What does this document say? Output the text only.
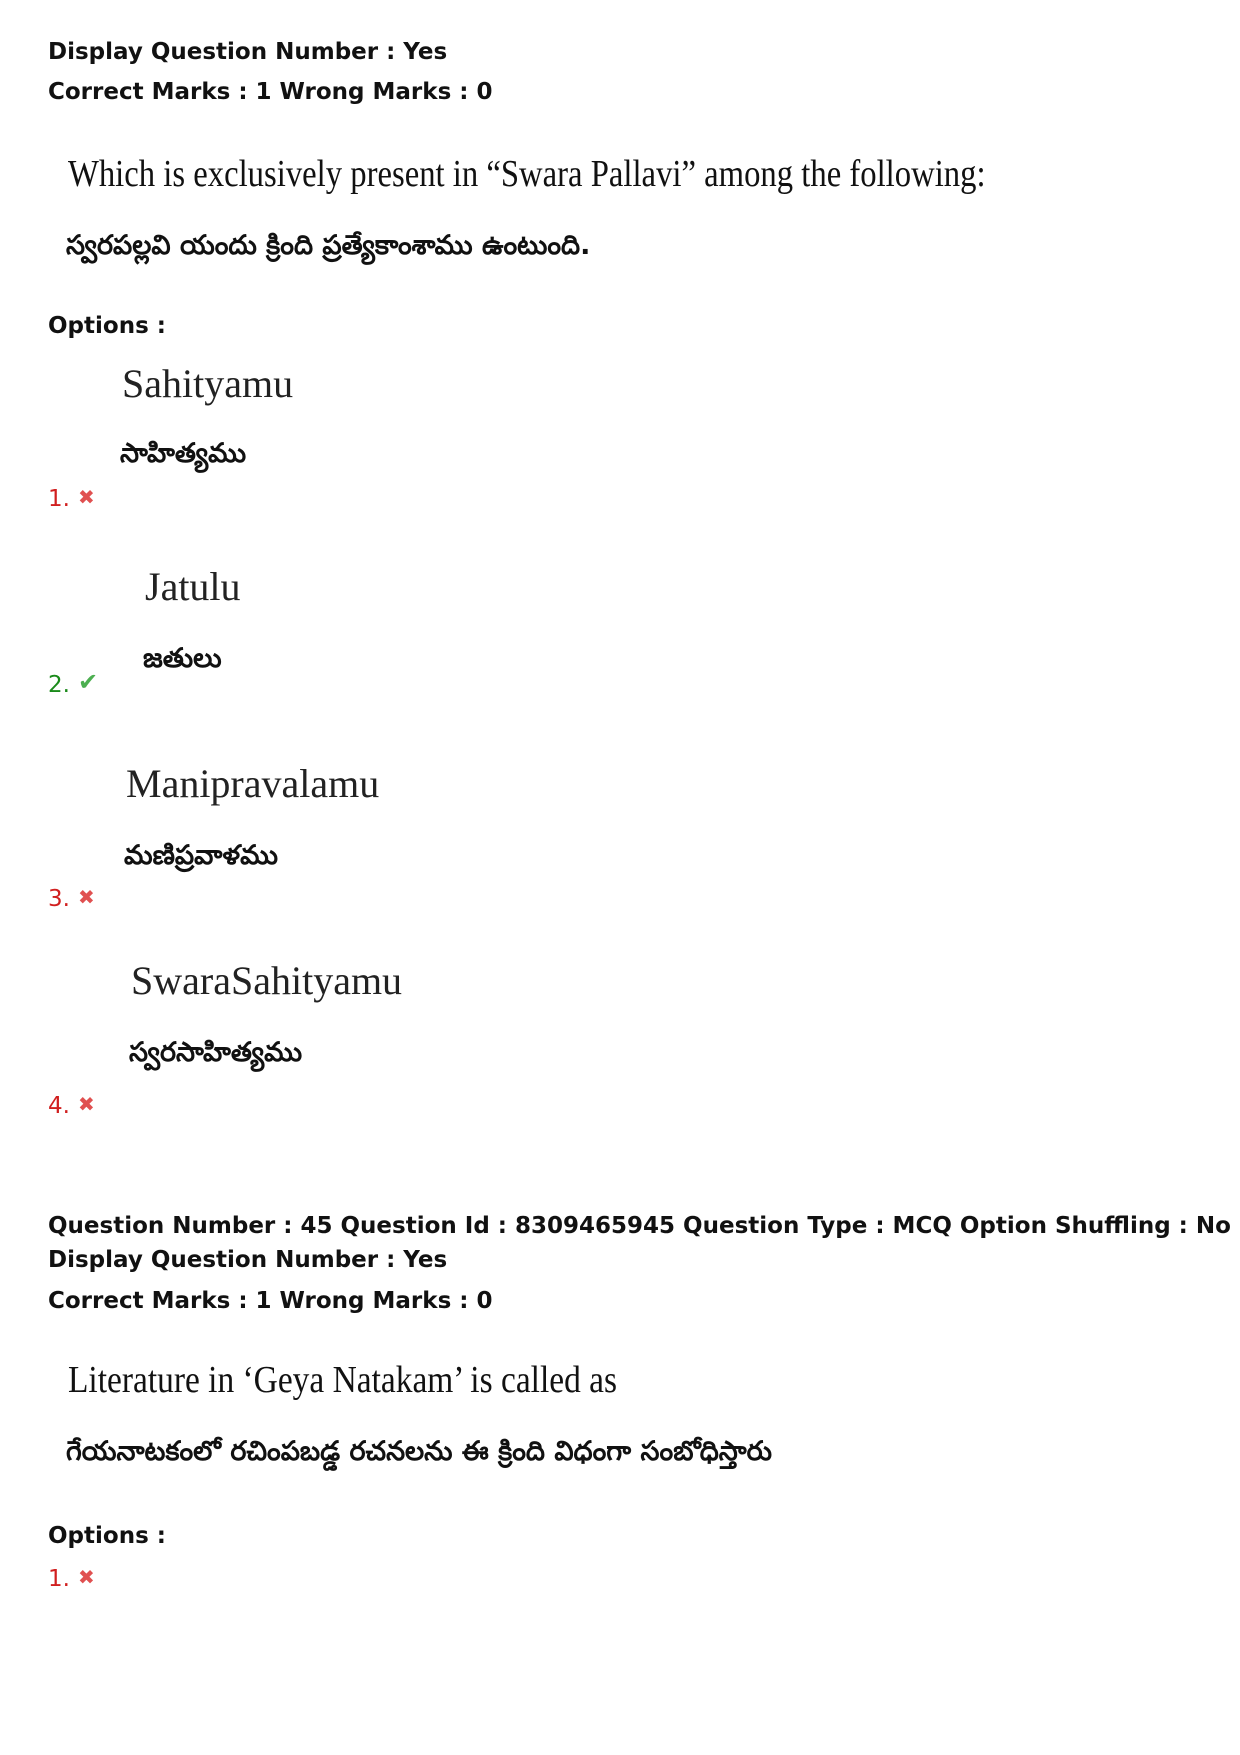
Display Question Number : Yes
Correct Marks : 1 Wrong Marks : 0
Which is exclusively present in “Swara Pallavi” among the following:
స్వరపల్లవి యందు క్రింది ప్రత్యేకాంశాము ఉంటుంది.
Options :
Sahityamu
సాహిత్యము
1. ✖
Jatulu
జతులు
2. ✔
Manipravalamu
మణిప్రవాళము
3. ✖
SwaraSahityamu
స్వరసాహిత్యము
4. ✖
Question Number : 45 Question Id : 8309465945 Question Type : MCQ Option Shuffling : No
Display Question Number : Yes
Correct Marks : 1 Wrong Marks : 0
Literature in ‘Geya Natakam’ is called as
గేయనాటకంలో రచింపబడ్డ రచనలను ఈ క్రింది విధంగా సంబోధిస్తారు
Options :
1. ✖
